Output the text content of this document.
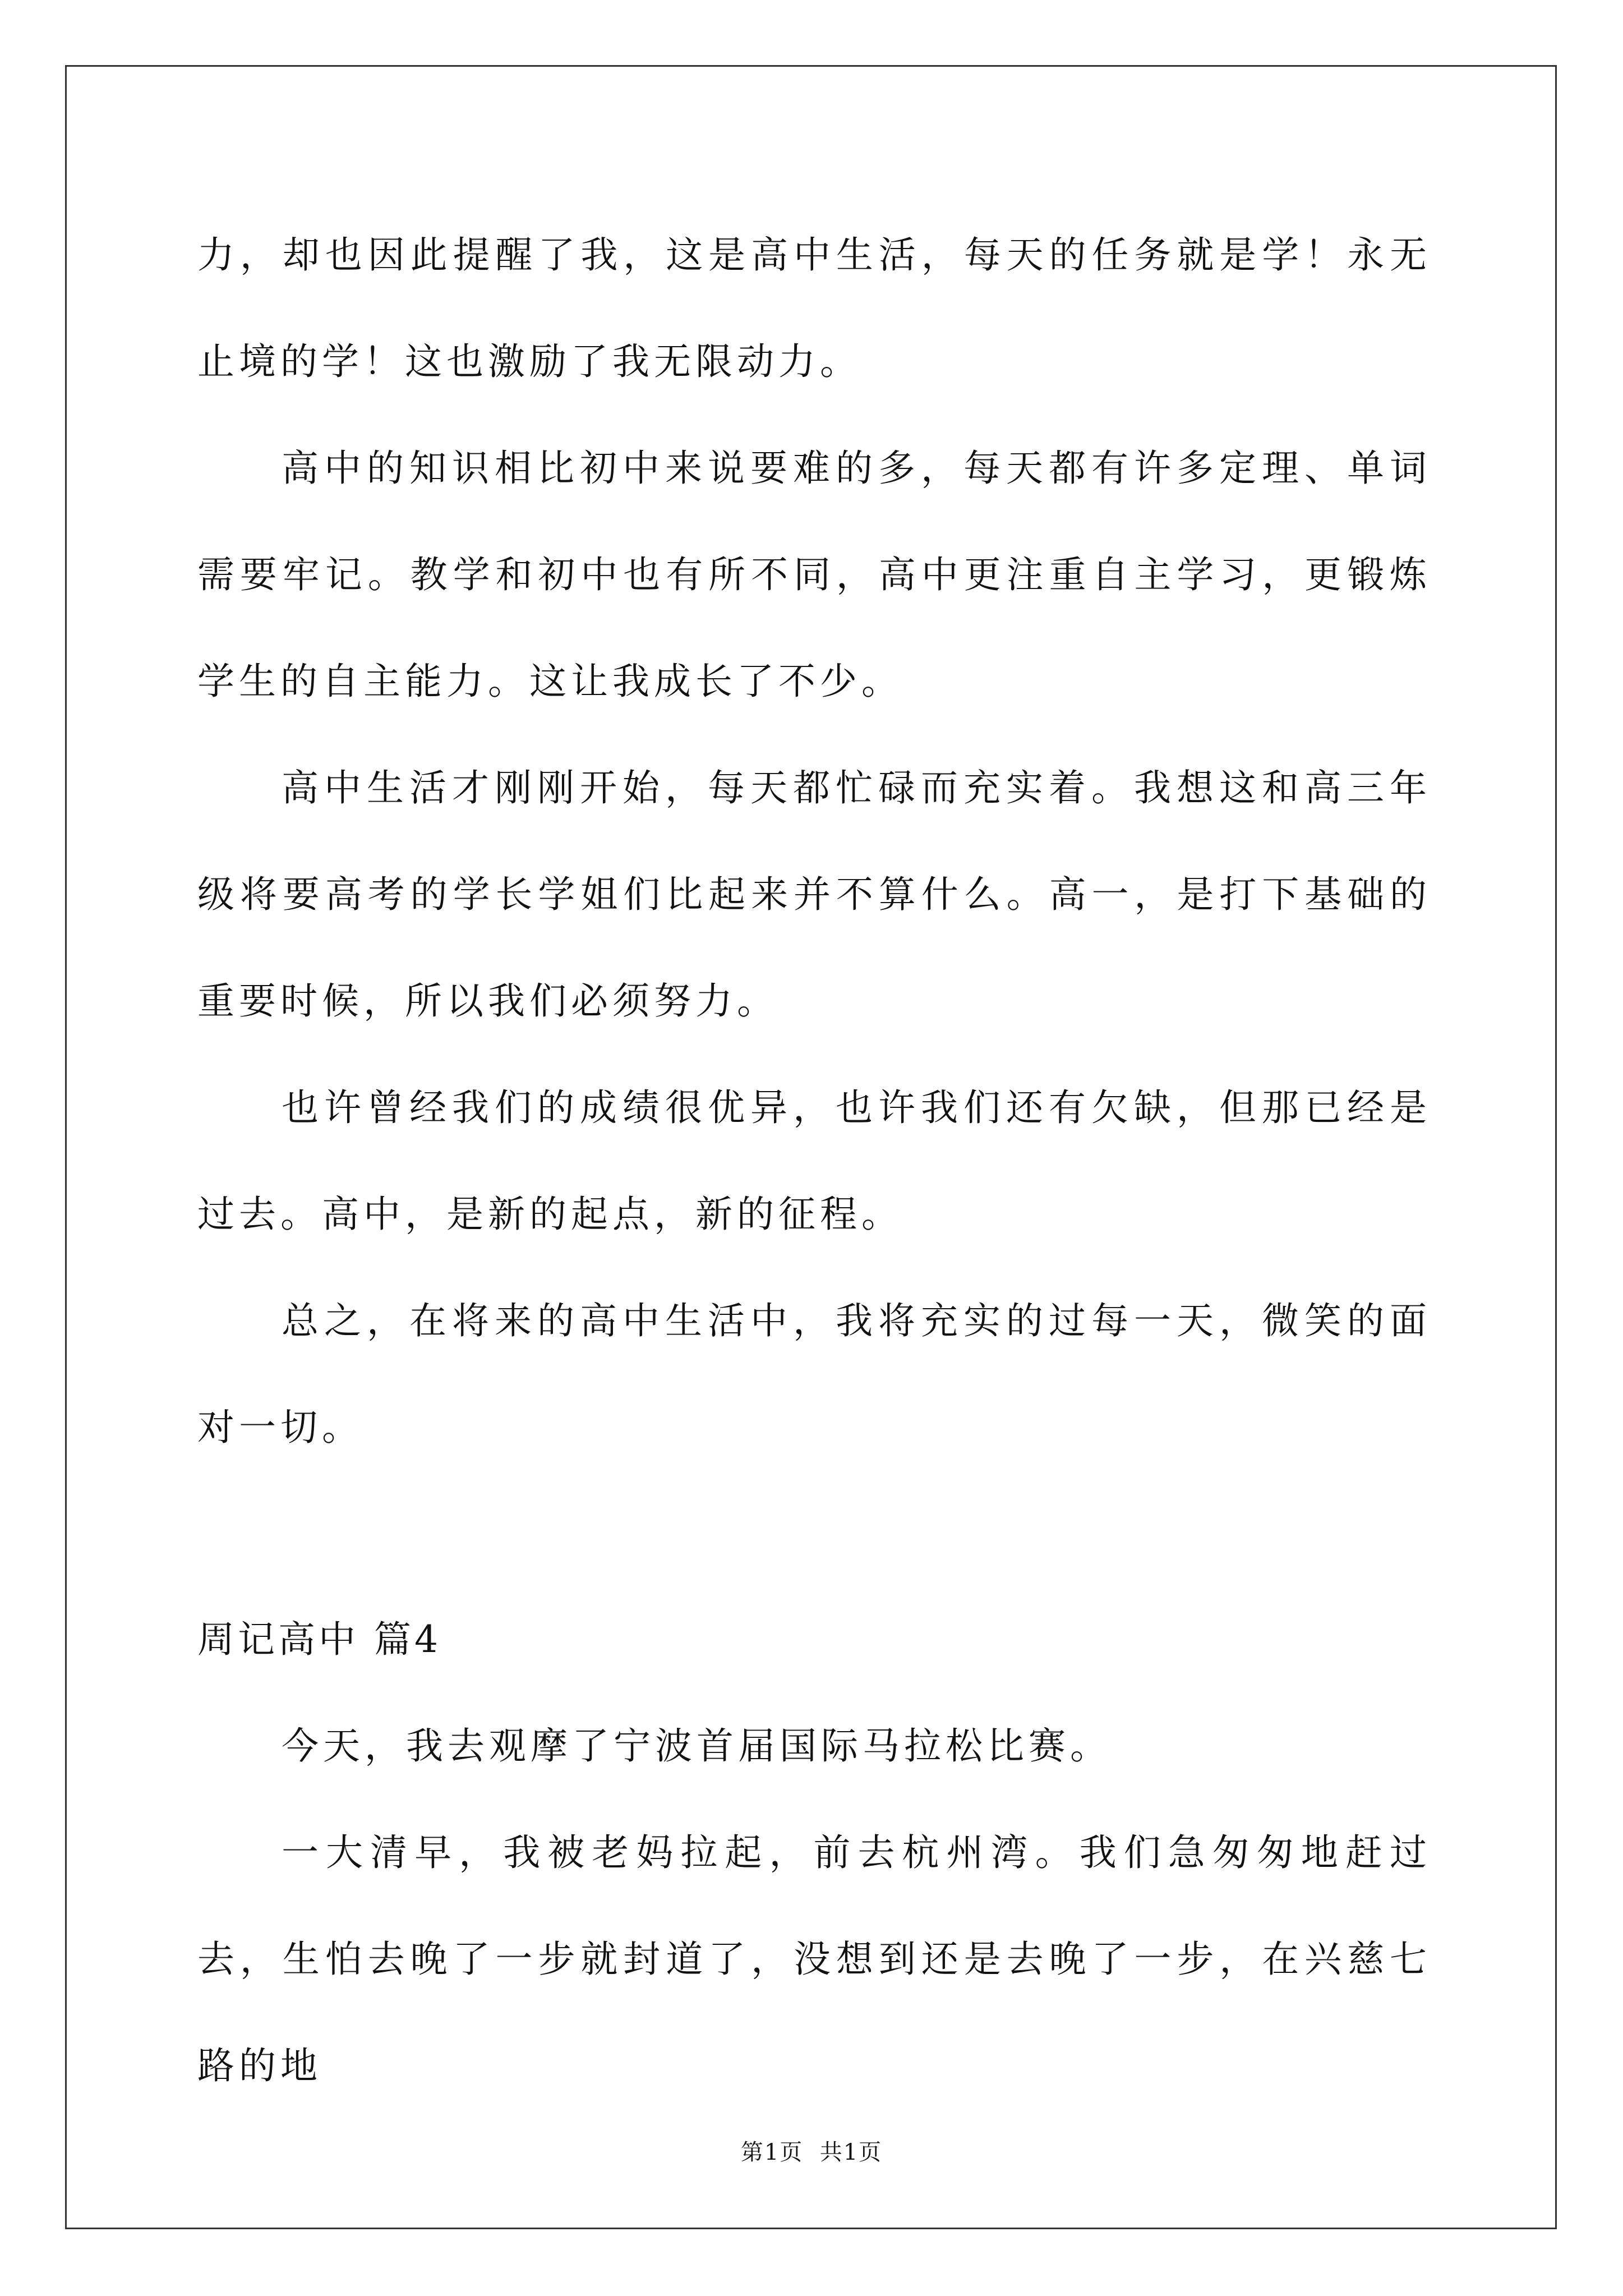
力，却也因此提醒了我，这是高中生活，每天的任务就是学！永无止境的学！这也激励了我无限动力。

高中的知识相比初中来说要难的多，每天都有许多定理、单词需要牢记。教学和初中也有所不同，高中更注重自主学习，更锻炼学生的自主能力。这让我成长了不少。

高中生活才刚刚开始，每天都忙碌而充实着。我想这和高三年级将要高考的学长学姐们比起来并不算什么。高一，是打下基础的重要时候，所以我们必须努力。

也许曾经我们的成绩很优异，也许我们还有欠缺，但那已经是过去。高中，是新的起点，新的征程。

总之，在将来的高中生活中，我将充实的过每一天，微笑的面对一切。

周记高中 篇4

今天，我去观摩了宁波首届国际马拉松比赛。

一大清早，我被老妈拉起，前去杭州湾。我们急匆匆地赶过去，生怕去晚了一步就封道了，没想到还是去晚了一步，在兴慈七路的地

第1页  共1页
